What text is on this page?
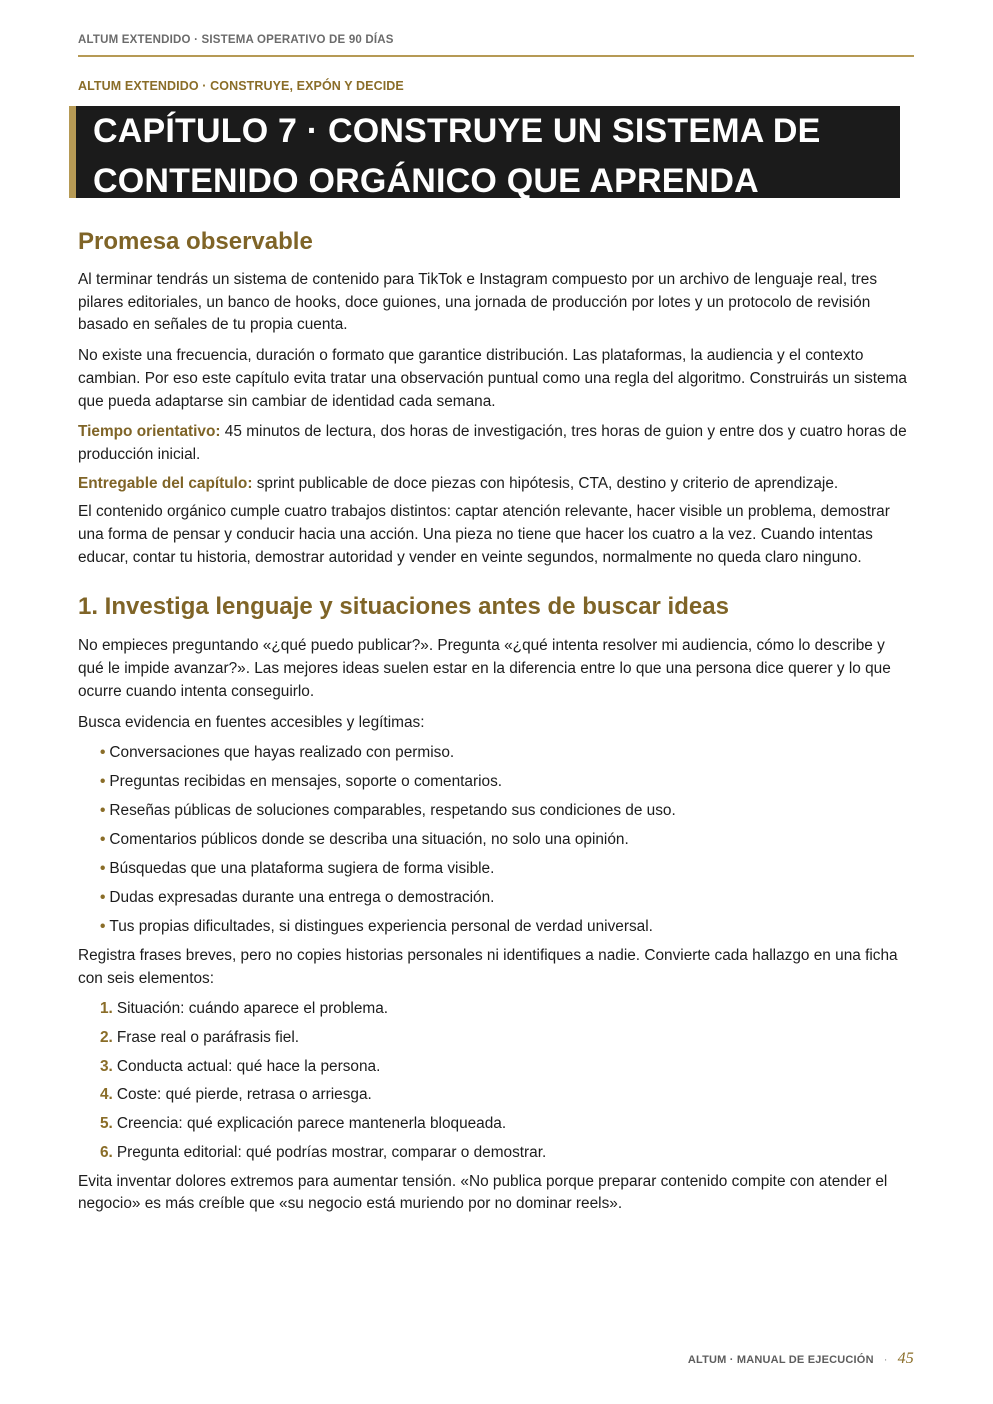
ALTUM EXTENDIDO · SISTEMA OPERATIVO DE 90 DÍAS
ALTUM EXTENDIDO · CONSTRUYE, EXPÓN Y DECIDE
CAPÍTULO 7 · CONSTRUYE UN SISTEMA DE
CONTENIDO ORGÁNICO QUE APRENDA
Promesa observable

Al terminar tendrás un sistema de contenido para TikTok e Instagram compuesto por un archivo de lenguaje real, tres pilares editoriales, un banco de hooks, doce guiones, una jornada de producción por lotes y un protocolo de revisión basado en señales de tu propia cuenta.

No existe una frecuencia, duración o formato que garantice distribución. Las plataformas, la audiencia y el contexto cambian. Por eso este capítulo evita tratar una observación puntual como una regla del algoritmo. Construirás un sistema que pueda adaptarse sin cambiar de identidad cada semana.

Tiempo orientativo: 45 minutos de lectura, dos horas de investigación, tres horas de guion y entre dos y cuatro horas de producción inicial.

Entregable del capítulo: sprint publicable de doce piezas con hipótesis, CTA, destino y criterio de aprendizaje.

El contenido orgánico cumple cuatro trabajos distintos: captar atención relevante, hacer visible un problema, demostrar una forma de pensar y conducir hacia una acción. Una pieza no tiene que hacer los cuatro a la vez. Cuando intentas educar, contar tu historia, demostrar autoridad y vender en veinte segundos, normalmente no queda claro ninguno.

1. Investiga lenguaje y situaciones antes de buscar ideas

No empieces preguntando «¿qué puedo publicar?». Pregunta «¿qué intenta resolver mi audiencia, cómo lo describe y qué le impide avanzar?». Las mejores ideas suelen estar en la diferencia entre lo que una persona dice querer y lo que ocurre cuando intenta conseguirlo.

Busca evidencia en fuentes accesibles y legítimas:

• Conversaciones que hayas realizado con permiso.
• Preguntas recibidas en mensajes, soporte o comentarios.
• Reseñas públicas de soluciones comparables, respetando sus condiciones de uso.
• Comentarios públicos donde se describa una situación, no solo una opinión.
• Búsquedas que una plataforma sugiera de forma visible.
• Dudas expresadas durante una entrega o demostración.
• Tus propias dificultades, si distingues experiencia personal de verdad universal.

Registra frases breves, pero no copies historias personales ni identifiques a nadie. Convierte cada hallazgo en una ficha con seis elementos:

1. Situación: cuándo aparece el problema.
2. Frase real o paráfrasis fiel.
3. Conducta actual: qué hace la persona.
4. Coste: qué pierde, retrasa o arriesga.
5. Creencia: qué explicación parece mantenerla bloqueada.
6. Pregunta editorial: qué podrías mostrar, comparar o demostrar.

Evita inventar dolores extremos para aumentar tensión. «No publica porque preparar contenido compite con atender el negocio» es más creíble que «su negocio está muriendo por no dominar reels».

ALTUM · MANUAL DE EJECUCIÓN · 45
